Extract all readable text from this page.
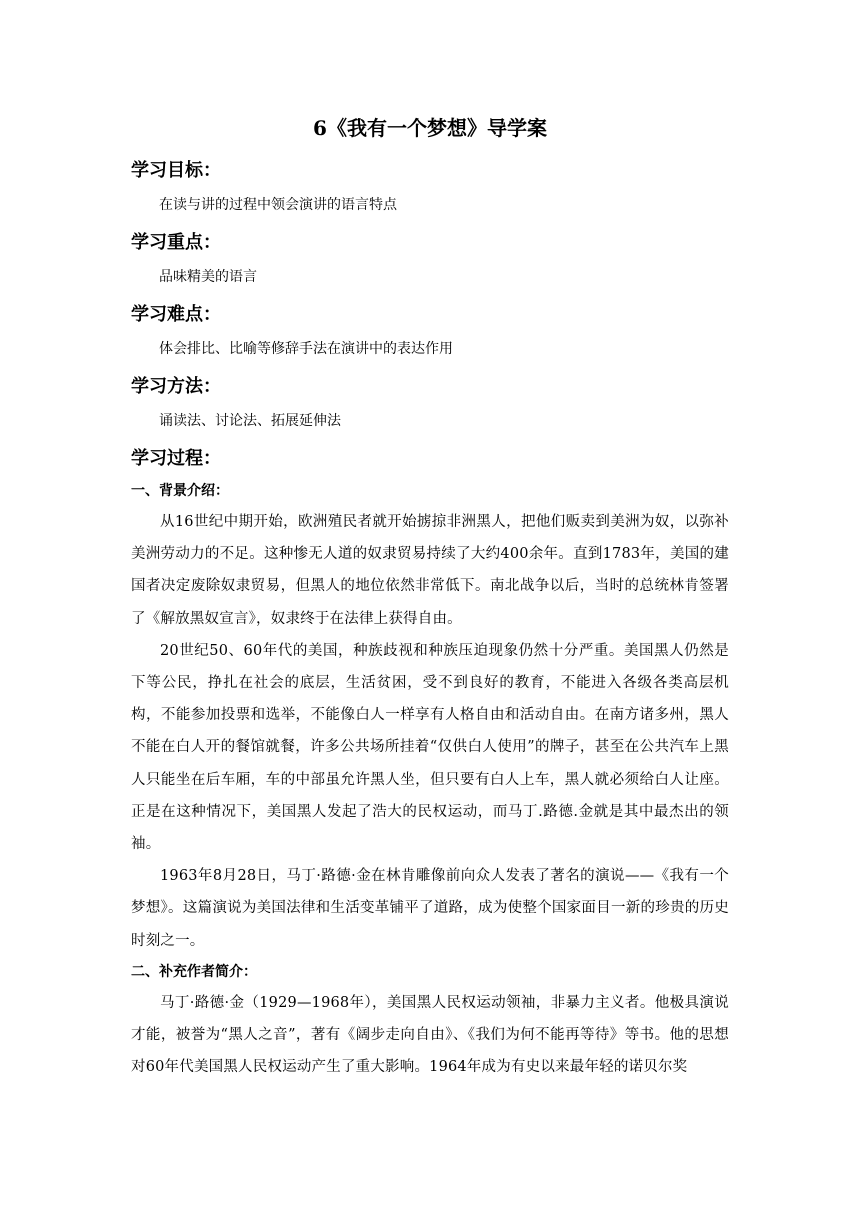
6《我有一个梦想》导学案
学习目标：
在读与讲的过程中领会演讲的语言特点
学习重点：
品味精美的语言
学习难点：
体会排比、比喻等修辞手法在演讲中的表达作用
学习方法：
诵读法、讨论法、拓展延伸法
学习过程：
一、背景介绍：

从16世纪中期开始，欧洲殖民者就开始掳掠非洲黑人，把他们贩卖到美洲为奴，以弥补美洲劳动力的不足。这种惨无人道的奴隶贸易持续了大约400余年。直到1783年，美国的建国者决定废除奴隶贸易，但黑人的地位依然非常低下。南北战争以后，当时的总统林肯签署了《解放黑奴宣言》，奴隶终于在法律上获得自由。

20世纪50、60年代的美国，种族歧视和种族压迫现象仍然十分严重。美国黑人仍然是下等公民，挣扎在社会的底层，生活贫困，受不到良好的教育，不能进入各级各类高层机构，不能参加投票和选举，不能像白人一样享有人格自由和活动自由。在南方诸多州，黑人不能在白人开的餐馆就餐，许多公共场所挂着“仅供白人使用”的牌子，甚至在公共汽车上黑人只能坐在后车厢，车的中部虽允许黑人坐，但只要有白人上车，黑人就必须给白人让座。正是在这种情况下，美国黑人发起了浩大的民权运动，而马丁.路德.金就是其中最杰出的领袖。

1963年8月28日，马丁·路德·金在林肯雕像前向众人发表了著名的演说——《我有一个梦想》。这篇演说为美国法律和生活变革铺平了道路，成为使整个国家面目一新的珍贵的历史时刻之一。

二、补充作者简介：

马丁·路德·金（1929—1968年），美国黑人民权运动领袖，非暴力主义者。他极具演说才能，被誉为“黑人之音”，著有《阔步走向自由》、《我们为何不能再等待》等书。他的思想对60年代美国黑人民权运动产生了重大影响。1964年成为有史以来最年轻的诺贝尔奖
